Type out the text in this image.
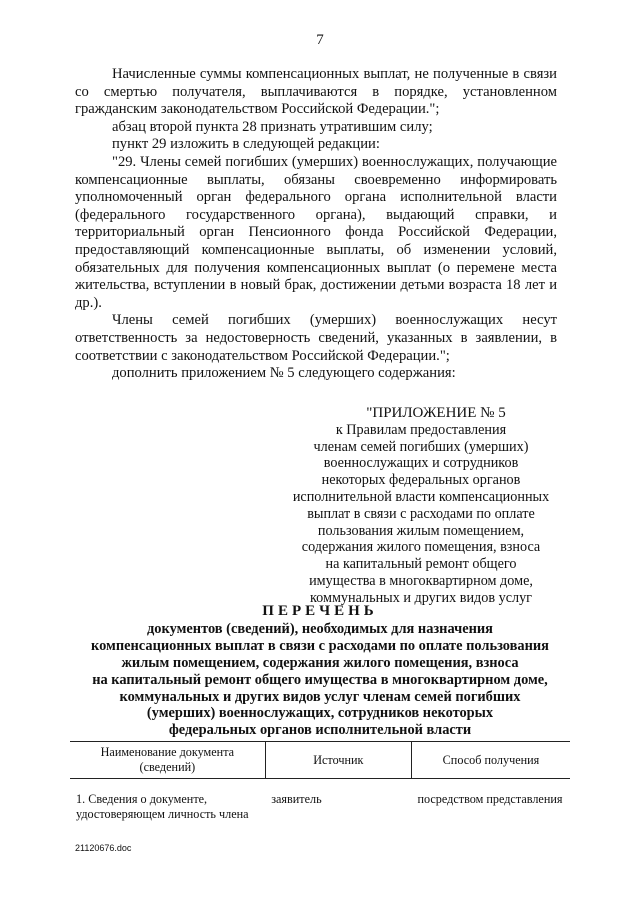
7

Начисленные суммы компенсационных выплат, не полученные в связи со смертью получателя, выплачиваются в порядке, установленном гражданским законодательством Российской Федерации.";

абзац второй пункта 28 признать утратившим силу;

пункт 29 изложить в следующей редакции:

"29. Члены семей погибших (умерших) военнослужащих, получающие компенсационные выплаты, обязаны своевременно информировать уполномоченный орган федерального органа исполнительной власти (федерального государственного органа), выдающий справки, и территориальный орган Пенсионного фонда Российской Федерации, предоставляющий компенсационные выплаты, об изменении условий, обязательных для получения компенсационных выплат (о перемене места жительства, вступлении в новый брак, достижении детьми возраста 18 лет и др.).

Члены семей погибших (умерших) военнослужащих несут ответственность за недостоверность сведений, указанных в заявлении, в соответствии с законодательством Российской Федерации.";

дополнить приложением № 5 следующего содержания:

"ПРИЛОЖЕНИЕ № 5
к Правилам предоставления
членам семей погибших (умерших)
военнослужащих и сотрудников
некоторых федеральных органов
исполнительной власти компенсационных
выплат в связи с расходами по оплате
пользования жилым помещением,
содержания жилого помещения, взноса
на капитальный ремонт общего
имущества в многоквартирном доме,
коммунальных и других видов услуг
ПЕРЕЧЕНЬ
документов (сведений), необходимых для назначения
компенсационных выплат в связи с расходами по оплате пользования
жилым помещением, содержания жилого помещения, взноса
на капитальный ремонт общего имущества в многоквартирном доме,
коммунальных и других видов услуг членам семей погибших
(умерших) военнослужащих, сотрудников некоторых
федеральных органов исполнительной власти
Наименование документа (сведений)	Источник	Способ получения
1. Сведения о документе, удостоверяющем личность члена	заявитель	посредством представления
21120676.doc
